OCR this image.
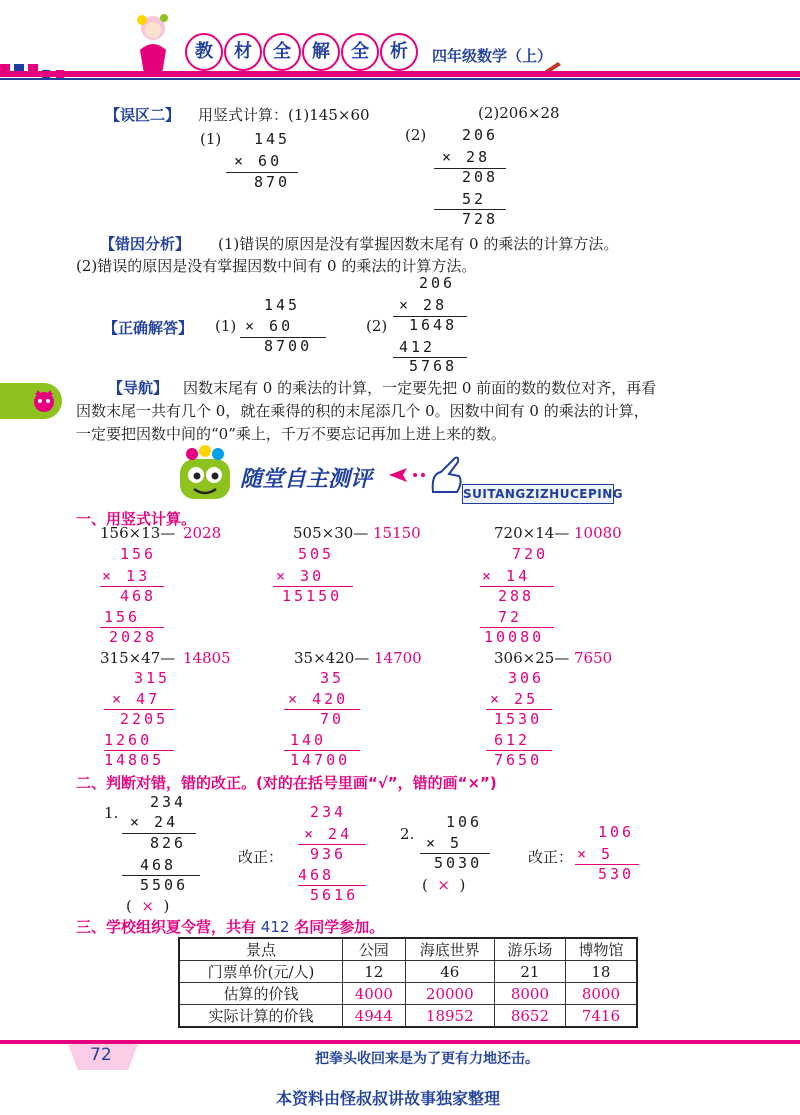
教	材	全	解	全	析	四年级数学（上）
【误区二】 用竖式计算：(1)145×60	(2)206×28
(1) 145
× 60
870
(2) 206
× 28
208
52
728
【错因分析】 (1)错误的原因是没有掌握因数末尾有 0 的乘法的计算方法。
(2)错误的原因是没有掌握因数中间有 0 的乘法的计算方法。
145
【正确解答】 (1) × 60
8700
206
× 28
(2) 1648
412
5768
【导航】 因数末尾有 0 的乘法的计算，一定要先把 0 前面的数的数位对齐，再看
因数末尾一共有几个 0，就在乘得的积的末尾添几个 0。因数中间有 0 的乘法的计算，
一定要把因数中间的“0”乘上，千万不要忘记再加上进上来的数。
随堂自主测评
SUITANGZIZHUCEPING
一、用竖式计算。
156×13— 2028
156
× 13
468
156
2028
505×30— 15150
505
× 30
15150
720×14— 10080
720
× 14
288
72
10080
315×47— 14805
315
× 47
2205
1260
14805
35×420— 14700
35
× 420
70
140
14700
306×25— 7650
306
× 25
1530
612
7650
二、判断对错，错的改正。(对的在括号里画“√”，错的画“×”)
234
1. × 24
826
468
5506
(  ×  )
改正：
234
× 24
936
468
5616
106
2. × 5
5030
(  ×  )
改正：
106
× 5
530
三、学校组织夏令营，共有 412 名同学参加。
景点	公园	海底世界	游乐场	博物馆
门票单价(元/人)	12	46	21	18
估算的价钱	4000	20000	8000	8000
实际计算的价钱	4944	18952	8652	7416
72	把拳头收回来是为了更有力地还击。
本资料由怪叔叔讲故事独家整理
